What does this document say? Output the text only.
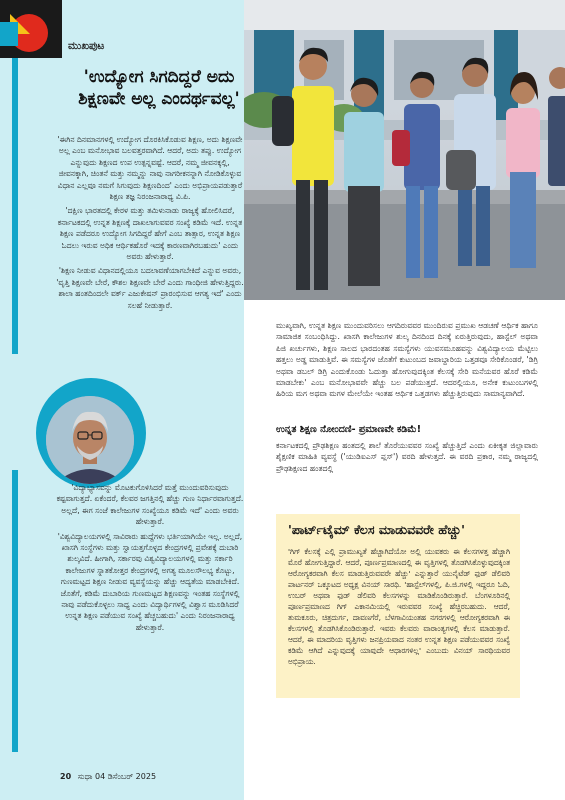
ಮುಖಪುಟ
'ಉದ್ಯೋಗ ಸಿಗದಿದ್ದರೆ ಅದು ಶಿಕ್ಷಣವೇ ಅಲ್ಲ ಎಂದರ್ಥವಲ್ಲ'

'ಈಗಿನ ದಿನಮಾನಗಳಲ್ಲಿ ಉದ್ಯೋಗ ದೊರಕಿಸಿಕೊಡುವ ಶಿಕ್ಷಣ, ಅದು ಶಿಕ್ಷಣವೇ ಅಲ್ಲ ಎಂಬ ಮನೋಭಾವ ಬಲವತ್ತರವಾಗಿದೆ. ಆದರೆ, ಅದು ತಪ್ಪು. ಉದ್ಯೋಗ ಎನ್ನುವುದು ಶಿಕ್ಷಣದ ಉಪ ಉತ್ಪನ್ನವಷ್ಟೆ. ಆದರೆ, ನಮ್ಮ ಜೀವನಕ್ಕಲ್ಲಿ, ಜೀವನಕ್ಕಾಗಿ, ಚಿಂತನೆ ಮತ್ತು ನಮ್ಮನ್ನು ನಾವು ನಾಗರೀಕನನ್ನಾಗಿ ನೋಡಿಕೊಳ್ಳುವ ವಿಧಾನ ಎಲ್ಲವೂ ನಮಗೆ ಸಿಗುವುದು ಶಿಕ್ಷಣದಿಂದ' ಎಂದು ಅಭಿಪ್ರಾಯಪಡುತ್ತಾರೆ ಶಿಕ್ಷಣ ತಜ್ಞ ನಿರಂಜನಾರಾಧ್ಯ ವಿ.ಪಿ.

'ದಕ್ಷಿಣ ಭಾರತದಲ್ಲಿ ಕೇರಳ ಮತ್ತು ತಮಿಳುನಾಡು ರಾಜ್ಯಕ್ಕೆ ಹೋಲಿಸಿದರೆ, ಕರ್ನಾಟಕದಲ್ಲಿ ಉನ್ನತ ಶಿಕ್ಷಣಕ್ಕೆ ದಾಖಲಾಗುವವರ ಸಂಖ್ಯೆ ಕಡಿಮೆ ಇದೆ. ಉನ್ನತ ಶಿಕ್ಷಣ ಪಡೆದರೂ ಉದ್ಯೋಗ ಸಿಗದಿದ್ದರೆ ಹೇಗೆ ಎಂಬ ತಾತ್ಸಾರ, ಉನ್ನತ ಶಿಕ್ಷಣ ಓದಲು ಇರುವ ಅಧಿಕ ಆರ್ಥಿಕಹೊರೆ ಇದಕ್ಕೆ ಕಾರಣವಾಗಿರಬಹುದು' ಎಂದು ಅವರು ಹೇಳುತ್ತಾರೆ.

'ಶಿಕ್ಷಣ ನೀಡುವ ವಿಧಾನದಲ್ಲಿಯೂ ಬದಲಾವಣೆಯಾಗಬೇಕಿದೆ ಎನ್ನುವ ಅವರು, 'ವೃತ್ತಿ ಶಿಕ್ಷಣವೇ ಬೇರೆ, ಕೌಶಲ ಶಿಕ್ಷಣವೇ ಬೇರೆ ಎಂದು ಗಾಂಧೀಜಿ ಹೇಳುತ್ತಿದ್ದರು. ಶಾಲಾ ಹಂತದಿಂದಲೇ ವರ್ಕ್ ಎಜುಕೇಷನ್ ಪ್ರಾರಂಭಿಸುವ ಆಗತ್ಯ ಇದೆ' ಎಂದು ಸಲಹೆ ನೀಡುತ್ತಾರೆ.

'ವಿದ್ಯಾಭ್ಯಾಸವನ್ನು ಮೊಟಕುಗೊಳಿಸಿದರೆ ಮತ್ತೆ ಮುಂದುವರಿಸುವುದು ಕಷ್ಟವಾಗುತ್ತದೆ. ಏಕೆಂದರೆ, ಕೆಲವರ ಜಗತ್ತಿನಲ್ಲಿ ಹೆಚ್ಚು ಗುಣ ನಿರ್ಧಾರವಾಗುತ್ತದೆ. ಅಲ್ಲದೆ, ಈಗ ಸಂಜೆ ಕಾಲೇಜುಗಳ ಸಂಖ್ಯೆಯೂ ಕಡಿಮೆ ಇದೆ' ಎಂದು ಅವರು ಹೇಳುತ್ತಾರೆ.

'ವಿಶ್ವವಿದ್ಯಾಲಯಗಳಲ್ಲಿ ಸಾವಿರಾರು ಹುದ್ದೆಗಳು ಭರ್ತಿಯಾಗಿಯೇ ಇಲ್ಲ. ಅಲ್ಲದೆ, ಖಾಸಗಿ ಸಂಸ್ಥೆಗಳು ಮತ್ತು ಸ್ವಾಯತ್ತಗೊಳ್ಳದ ಕೇಂದ್ರಗಳಲ್ಲಿ ಪ್ರವೇಶಕ್ಕೆ ದುಬಾರಿ ಶುಲ್ಕವಿದೆ. ಹೀಗಾಗಿ, ಸರ್ಕಾರವು ವಿಶ್ವವಿದ್ಯಾಲಯಗಳಲ್ಲಿ ಮತ್ತು ಸರ್ಕಾರಿ ಕಾಲೇಜುಗಳ ಸ್ನಾತಕೋತ್ತರ ಕೇಂದ್ರಗಳಲ್ಲಿ ಅಗತ್ಯ ಮೂಲಸೌಲಭ್ಯ ಕೊಟ್ಟು, ಗುಣಮಟ್ಟದ ಶಿಕ್ಷಣ ನೀಡುವ ವ್ಯವಸ್ಥೆಯನ್ನು ಹೆಚ್ಚು ಆದ್ಯತೆಯ ಮಾಡಬೇಕಿದೆ. ಜೊತೆಗೆ, ಕಡಿಮೆ ದುಬಾರಿಯ ಗುಣಮಟ್ಟದ ಶಿಕ್ಷಣವನ್ನು ಇಂತಹ ಸಂಸ್ಥೆಗಳಲ್ಲಿ ನಾವು ಪಡೆದುಕೊಳ್ಳಲು ಸಾಧ್ಯ ಎಂದು ವಿದ್ಯಾರ್ಥಿಗಳಲ್ಲಿ ವಿಶ್ವಾಸ ಮೂಡಿಸಿದರೆ ಉನ್ನತ ಶಿಕ್ಷಣ ಪಡೆಯುವ ಸಂಖ್ಯೆ ಹೆಚ್ಚಬಹುದು' ಎಂದು ನಿರಂಜನಾರಾಧ್ಯ ಹೇಳುತ್ತಾರೆ.

20 ಸುಧಾ 04 ಡಿಸೆಂಬರ್ 2025
ಮುಖ್ಯವಾಗಿ, ಉನ್ನತ ಶಿಕ್ಷಣ ಮುಂದುವರಿಸಲು ಆಗದಿರುವವರ ಮುಂದಿರುವ ಪ್ರಮುಖ ಆಡಚಣೆ ಆರ್ಥಿಕ ಹಾಗೂ ಸಾಮಾಜಿಕ ಸಂಬಂಧಿಸಿದ್ದು. ಖಾಸಗಿ ಕಾಲೇಜುಗಳ ಶುಲ್ಕ ದಿನದಿಂದ ದಿನಕ್ಕೆ ಏರುತ್ತಿರುವುದು, ಹಾಸ್ಟೆಲ್ ಅಥವಾ ಪಿಜಿ ಖರ್ಚುಗಳು, ಶಿಕ್ಷಣ ಸಾಲದ ಭಾರದಂತಹ ಸಮಸ್ಯೆಗಳು ಯುವಸಮೂಹವನ್ನು ವಿಶ್ವವಿದ್ಯಾಲಯ ಮೆಟ್ಟಿಲು ಹತ್ತಲು ಅಡ್ಡ ಮಾಡುತ್ತಿವೆ. ಈ ಸಮಸ್ಯೆಗಳ ಜೊತೆಗೆ ಕುಟುಂಬದ ಜವಾಬ್ದಾರಿಯ ಒತ್ತಡವೂ ಸೇರಿಕೊಂಡರೆ, 'ಡಿಗ್ರಿ ಅಥವಾ ಡಬಲ್ ಡಿಗ್ರಿ ಎಂದುಕೊಂಡು ಓದುತ್ತಾ ಹೋಗುವುದಕ್ಕಿಂತ ಕೆಲಸಕ್ಕೆ ಸೇರಿ ಮನೆಯವರ ಹೊರೆ ಕಡಿಮೆ ಮಾಡಬೇಕು' ಎಂಬ ಮನೋಭಾವವೇ ಹೆಚ್ಚು ಬಲ ಪಡೆಯುತ್ತದೆ. ಆದರಲ್ಲಿಯೂ, ಅನೇಕ ಕುಟುಂಬಗಳಲ್ಲಿ ಹಿರಿಯ ಮಗ ಅಥವಾ ಮಗಳ ಮೇಲೆಯೇ ಇಂತಹ ಆರ್ಥಿಕ ಒತ್ತಡಗಳು ಹೆಚ್ಚುತ್ತಿರುವುದು ಸಾಮಾನ್ಯವಾಗಿದೆ.
ಉನ್ನತ ಶಿಕ್ಷಣ ನೋಂದಣಿ- ಪ್ರಮಾಣವೇ ಕಡಿಮೆ!
ಕರ್ನಾಟಕದಲ್ಲಿ ಪ್ರೌಢಶಿಕ್ಷಣ ಹಂತದಲ್ಲಿ ಶಾಲೆ ತೊರೆಯುವವರ ಸಂಖ್ಯೆ ಹೆಚ್ಚುತ್ತಿದೆ ಎಂದು ಏಕೀಕೃತ ಜಿಲ್ಲಾವಾರು ಶೈಕ್ಷಣಿಕ ಮಾಹಿತಿ ವ್ಯವಸ್ಥೆ ('ಯುಡಿಐಎಸ್ ಪ್ಲಸ್') ವರದಿ ಹೇಳುತ್ತದೆ. ಈ ವರದಿ ಪ್ರಕಾರ, ನಮ್ಮ ರಾಜ್ಯದಲ್ಲಿ ಪ್ರೌಢಶಿಕ್ಷಣದ ಹಂತದಲ್ಲಿ
'ಪಾರ್ಟ್‌ಟೈಮ್ ಕೆಲಸ ಮಾಡುವವರೇ ಹೆಚ್ಚು'
'ಗಿಗ್ ಕೆಲಸಕ್ಕೆ ಎಲ್ಲಿ ಪ್ರಾಮುಖ್ಯತೆ ಹೆಚ್ಚಾಗಿದೆಯೋ ಅಲ್ಲಿ ಯುವಕರು ಈ ಕೆಲಸಗಳತ್ತ ಹೆಚ್ಚಾಗಿ ಮೊರೆ ಹೋಗುತ್ತಿದ್ದಾರೆ. ಆದರೆ, ಪೂರ್ಣಪ್ರಮಾಣದಲ್ಲಿ ಈ ವೃತ್ತಿಗಳಲ್ಲಿ ತೊಡಗಿಸಿಕೊಳ್ಳುವುದಕ್ಕಿಂತ ಆರೋಗ್ಯಕರವಾಗಿ ಕೆಲಸ ಮಾಡುತ್ತಿರುವವರೇ ಹೆಚ್ಚು' ಎನ್ನುತ್ತಾರೆ ಯುನೈಟೆಡ್ ಫುಡ್ ಡೆಲಿವರಿ ಪಾರ್ಟನರ್ ಒಕ್ಕೂಟದ ಅಧ್ಯಕ್ಷ ವಿನಯ್ ಸಾರಥಿ. 'ಹಾಸ್ಟೆಲ್‌ಗಳಲ್ಲಿ, ಪಿ.ಜಿ.ಗಳಲ್ಲಿ ಇದ್ದರೂ ಓದಿ, ಉಬರ್ ಅಥವಾ ಫುಡ್ ಡೆಲಿವರಿ ಕೆಲಸಗಳನ್ನು ಮಾಡಿಕೊಂಡಿರುತ್ತಾರೆ. ಬೆಂಗಳೂರಿನಲ್ಲಿ ಪೂರ್ಣಪ್ರಮಾಣದ ಗಿಗ್ ಎಕಾನಮಿಯಲ್ಲಿ ಇರುವವರ ಸಂಖ್ಯೆ ಹೆಚ್ಚಿರಬಹುದು. ಆದರೆ, ತುಮಕೂರು, ಚಿತ್ರದುರ್ಗ, ದಾವಣಗೆರೆ, ಬೆಳಗಾವಿಯಂತಹ ನಗರಗಳಲ್ಲಿ ಆರೋಗ್ಯಕರವಾಗಿ ಈ ಕೆಲಸಗಳಲ್ಲಿ ತೊಡಗಿಸಿಕೊಂಡಿರುತ್ತಾರೆ. ಇವರು ಕೆಲವರು ವಾರಾಂತ್ಯಗಳಲ್ಲಿ ಕೆಲಸ ಮಾಡುತ್ತಾರೆ. ಆದರೆ, ಈ ಮಾದರಿಯ ವೃತ್ತಿಗಳು ಜನಪ್ರಿಯವಾದ ನಂತರ ಉನ್ನತ ಶಿಕ್ಷಣ ಪಡೆಯುವವರ ಸಂಖ್ಯೆ ಕಡಿಮೆ ಆಗಿದೆ ಎನ್ನುವುದಕ್ಕೆ ಯಾವುದೇ ಆಧಾರಗಳಿಲ್ಲ' ಎಂಬುದು ವಿನಯ್ ಸಾರಥಿಯವರ ಅಭಿಪ್ರಾಯ.
